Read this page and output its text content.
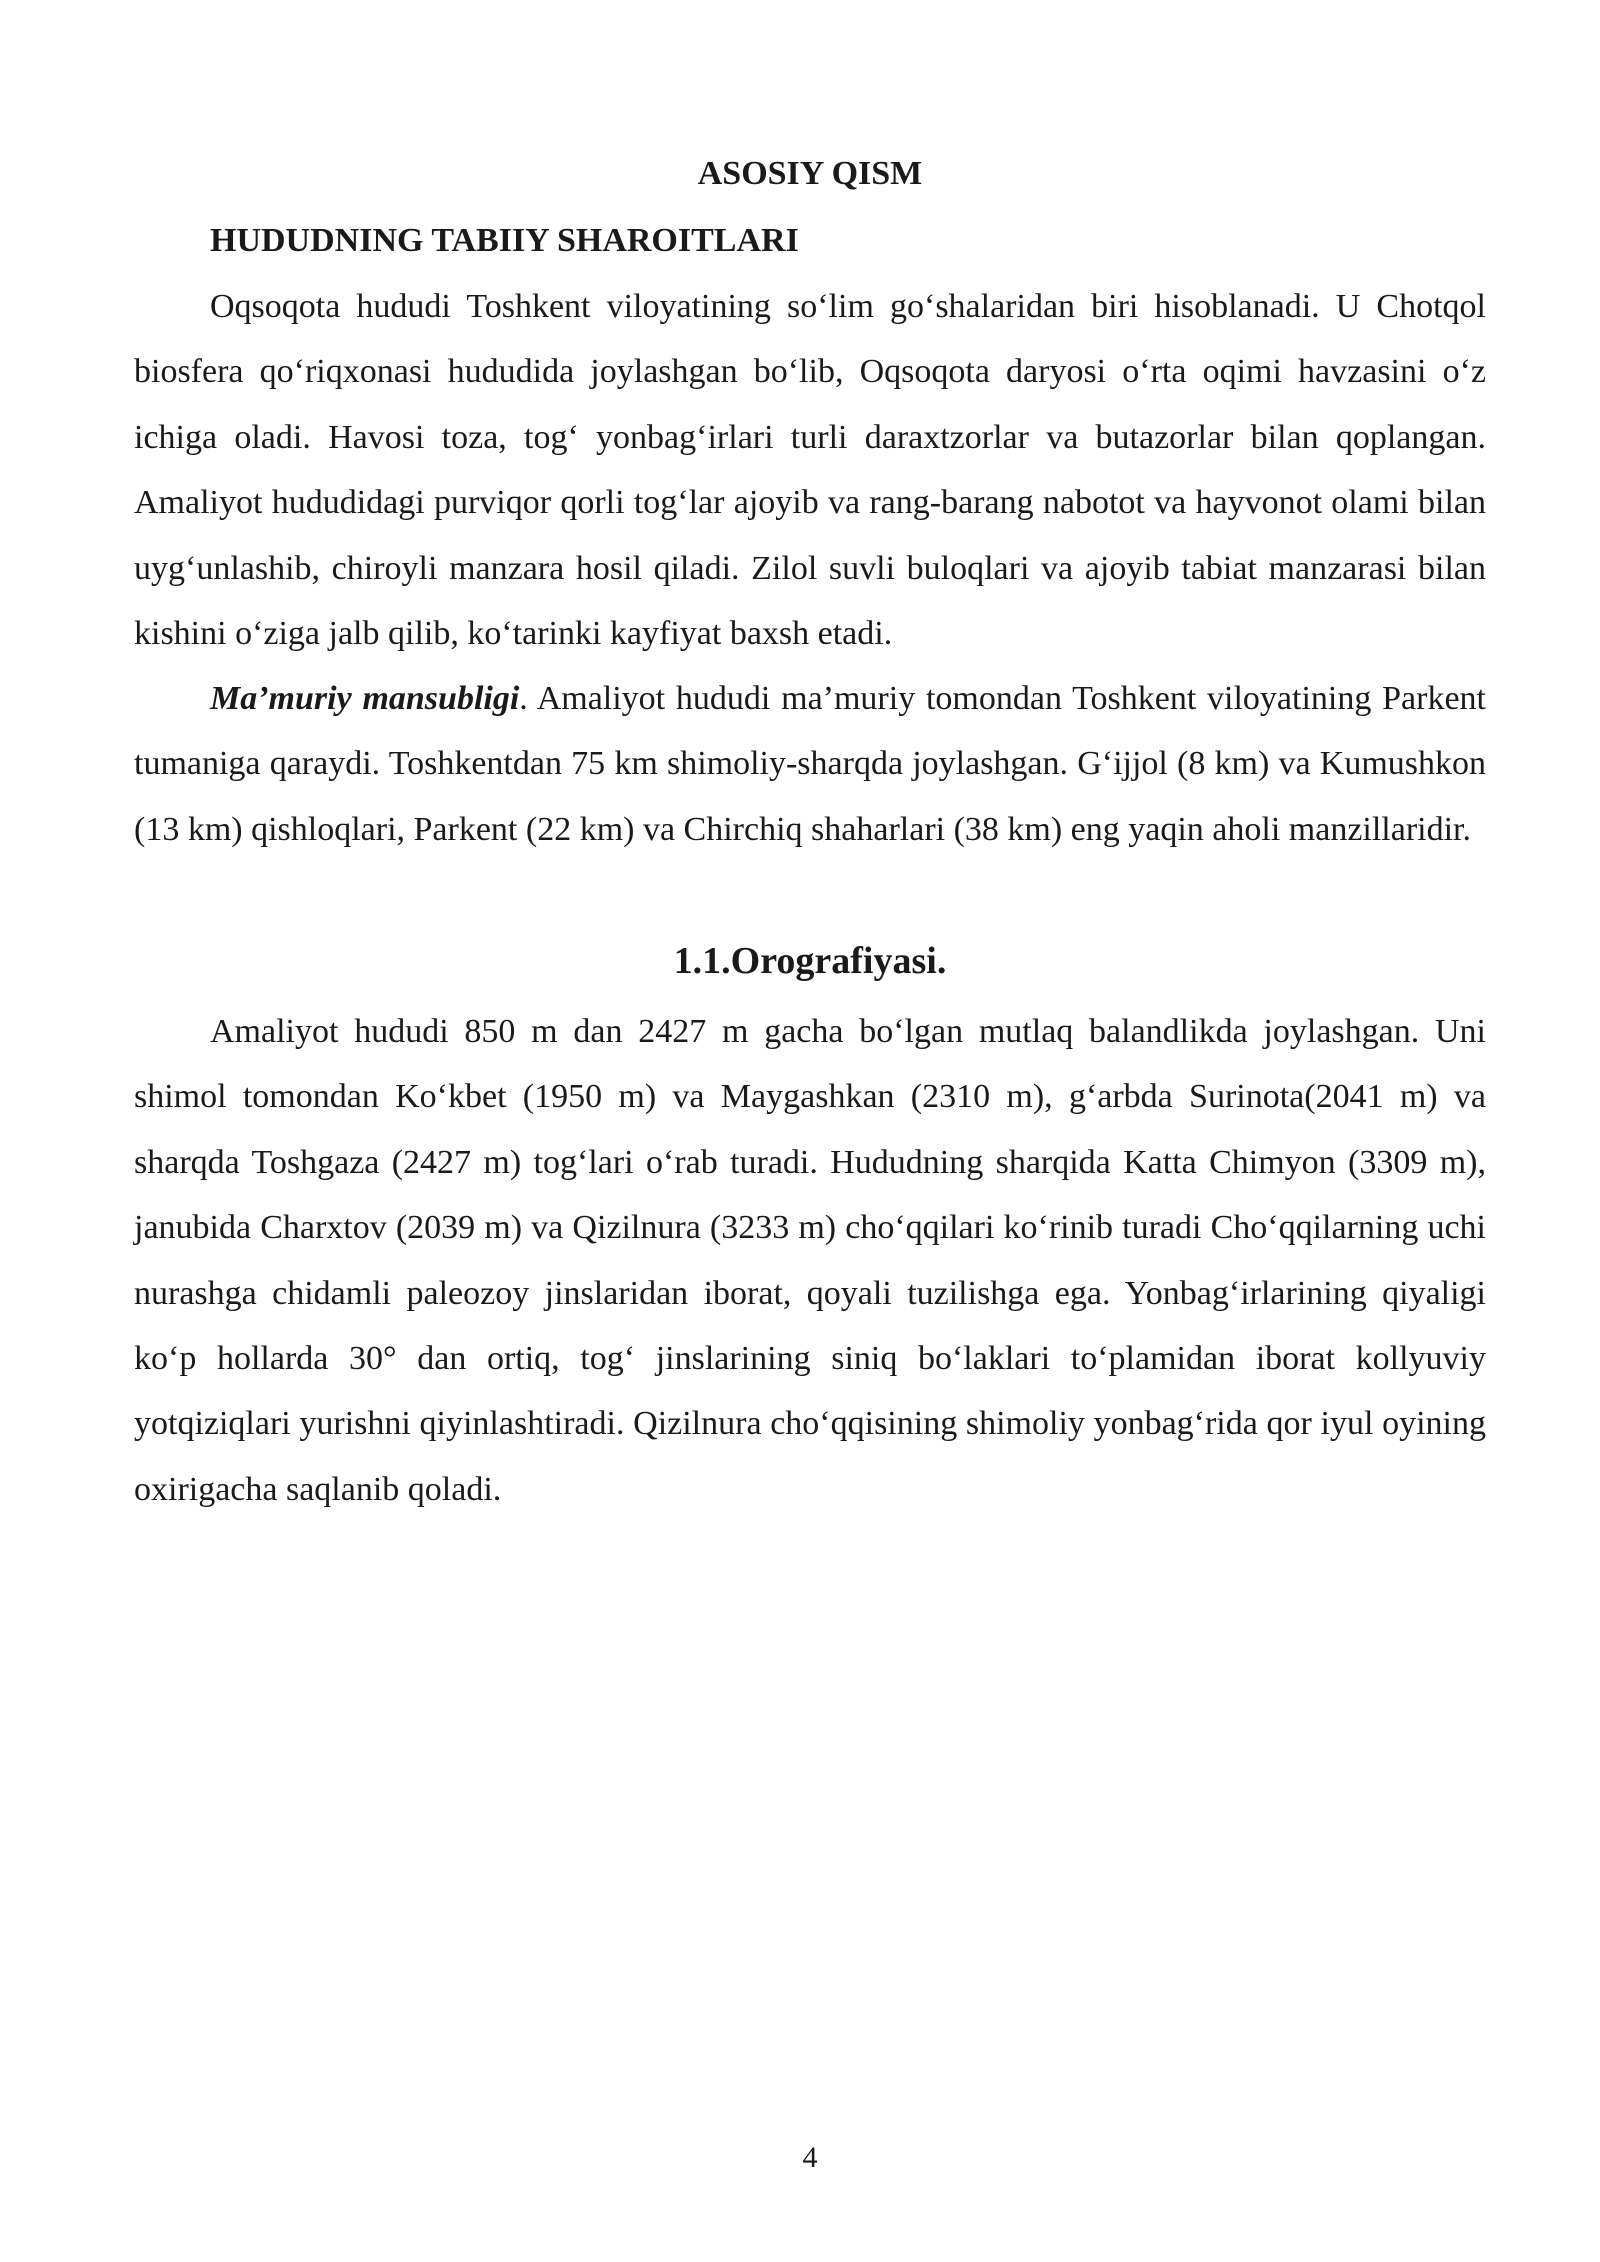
ASOSIY QISM
HUDUDNING TABIIY SHAROITLARI

Oqsoqota hududi Toshkent viloyatining so‘lim go‘shalaridan biri hisoblanadi. U Chotqol biosfera qo‘riqxonasi hududida joylashgan bo‘lib, Oqsoqota daryosi o‘rta oqimi havzasini o‘z ichiga oladi. Havosi toza, tog‘ yonbag‘irlari turli daraxtzorlar va butazorlar bilan qoplangan. Amaliyot hududidagi purviqor qorli tog‘lar ajoyib va rang-barang nabotot va hayvonot olami bilan uyg‘unlashib, chiroyli manzara hosil qiladi. Zilol suvli buloqlari va ajoyib tabiat manzarasi bilan kishini o‘ziga jalb qilib, ko‘tarinki kayfiyat baxsh etadi.

Ma’muriy mansubligi. Amaliyot hududi ma’muriy tomondan Toshkent viloyatining Parkent tumaniga qaraydi. Toshkentdan 75 km shimoliy-sharqda joylashgan. G‘ijjol (8 km) va Kumushkon (13 km) qishloqlari, Parkent (22 km) va Chirchiq shaharlari (38 km) eng yaqin aholi manzillaridir.

1.1.Orografiyasi.

Amaliyot hududi 850 m dan 2427 m gacha bo‘lgan mutlaq balandlikda joylashgan. Uni shimol tomondan Ko‘kbet (1950 m) va Maygashkan (2310 m), g‘arbda Surinota(2041 m) va sharqda Toshgaza (2427 m) tog‘lari o‘rab turadi. Hududning sharqida Katta Chimyon (3309 m), janubida Charxtov (2039 m) va Qizilnura (3233 m) cho‘qqilari ko‘rinib turadi Cho‘qqilarning uchi nurashga chidamli paleozoy jinslaridan iborat, qoyali tuzilishga ega. Yonbag‘irlarining qiyaligi ko‘p hollarda 30° dan ortiq, tog‘ jinslarining siniq bo‘laklari to‘plamidan iborat kollyuviy yotqiziqlari yurishni qiyinlashtiradi. Qizilnura cho‘qqisining shimoliy yonbag‘rida qor iyul oyining oxirigacha saqlanib qoladi.

4
